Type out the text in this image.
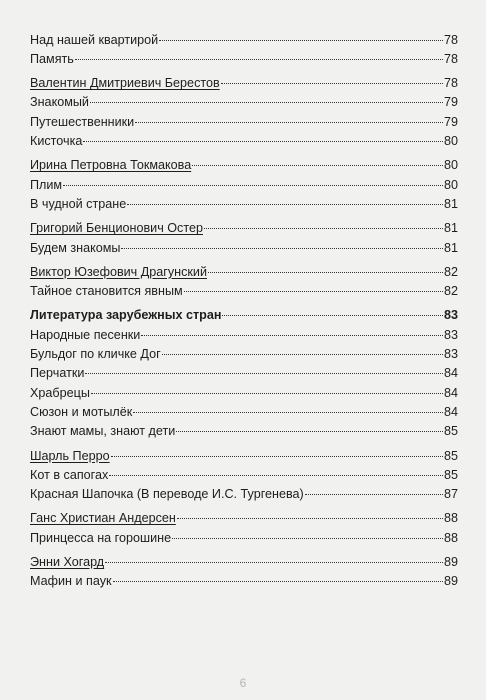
Над нашей квартирой	78
Память	78
Валентин Дмитриевич Берестов	78
Знакомый	79
Путешественники	79
Кисточка	80
Ирина Петровна Токмакова	80
Плим	80
В чудной стране	81
Григорий Бенционович Остер	81
Будем знакомы	81
Виктор Юзефович Драгунский	82
Тайное становится явным	82
Литература зарубежных стран	83
Народные песенки	83
Бульдог по кличке Дог	83
Перчатки	84
Храбрецы	84
Сюзон и мотылёк	84
Знают мамы, знают дети	85
Шарль Перро	85
Кот в сапогах	85
Красная Шапочка (В переводе И.С. Тургенева)	87
Ганс Христиан Андерсен	88
Принцесса на горошине	88
Энни Хогард	89
Мафин и паук	89
6
